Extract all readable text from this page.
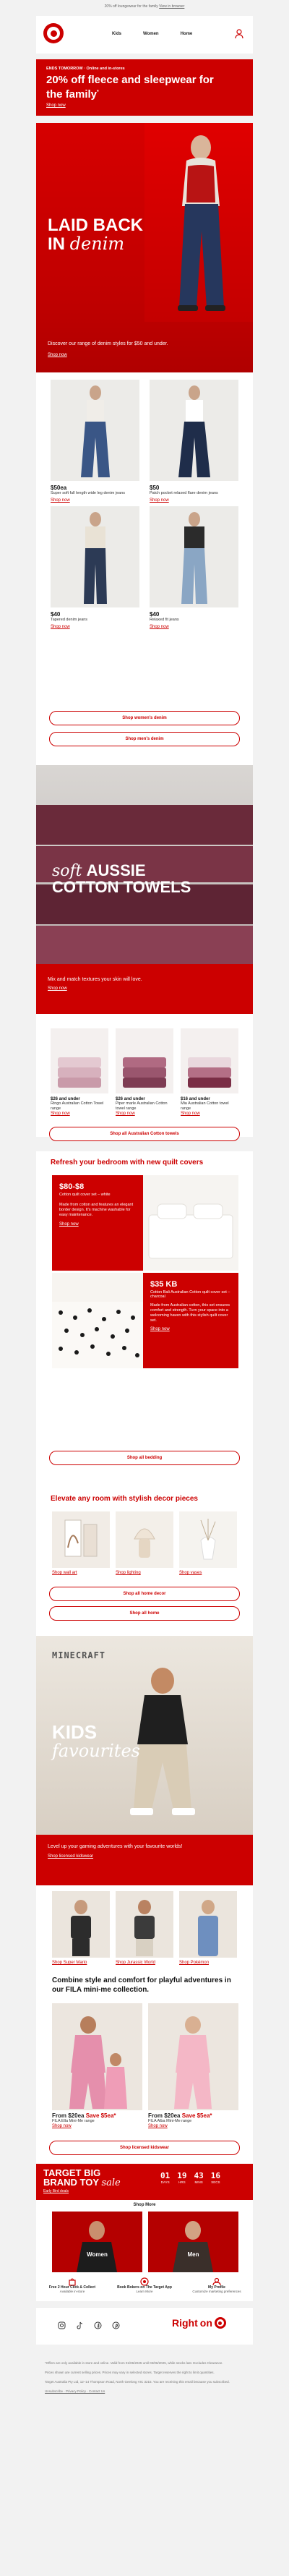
20% off loungewear for the family View in browser
Kids	Women	Home
ENDS TOMORROW · Online and in-stores
20% off fleece and sleepwear for the family*
Shop now
LAID BACK
IN denim
Discover our range of denim styles for $50 and under.
Shop now
$50ea
Super soft full length wide leg denim jeans
Shop now
$50
Patch pocket relaxed flare denim jeans
Shop now
$40
Tapered denim jeans
Shop now
$40
Relaxed fit jeans
Shop now
Shop women's denim
Shop men's denim
soft AUSSIE
COTTON TOWELS
Mix and match textures your skin will love.
Shop now
$26 and under
Ringo Australian Cotton Towel range
Shop now
$26 and under
Piper marle Australian Cotton towel range
Shop now
$16 and under
Mia Australian Cotton towel range
Shop now
Shop all Australian Cotton towels
Refresh your bedroom with new quilt covers
$80-$8
Cotton quilt cover set – white
Made from cotton and features an elegant border design. It's machine washable for easy maintenance.
Shop now
$35 KB
Cotton Bali Australian Cotton quilt cover set – charcoal
Made from Australian cotton, this set ensures comfort and strength. Turn your space into a welcoming haven with this stylish quilt cover set.
Shop now
Shop all bedding
Elevate any room with stylish decor pieces
Shop wall art	Shop lighting	Shop vases
Shop all home decor
Shop all home
MINECRAFT
KIDS
favourites
Level up your gaming adventures with your favourite worlds!
Shop licensed kidswear
Shop Super Mario	Shop Jurassic World	Shop Pokémon
Combine style and comfort for playful adventures in our FILA mini-me collection.
From $20ea Save $5ea*
FILA Ella Mini-Me range
Shop now
From $20ea Save $5ea*
FILA Alba Mini-Me range
Shop now
Shop licensed kidswear
TARGET BIG
BRAND TOY sale
Early Bird deals
01
DAYS
19
HRS
43
MINS
16
SECS
Shop More
Women	Men
Free 2 Hour Click & Collect
Available in-store
Book Bokers on The Target App
Learn More
My Profile
Customize marketing preferences
Right on

*Offers are only available in store and online. Valid from 01/06/2025 until 03/06/2025, while stocks last. Excludes Clearance.

Prices shown are current selling prices. Prices may vary in selected stores. Target reserves the right to limit quantities.

Target Australia Pty Ltd, 12–14 Thompson Road, North Geelong VIC 3215. You are receiving this email because you subscribed.

Unsubscribe · Privacy Policy · Contact Us
